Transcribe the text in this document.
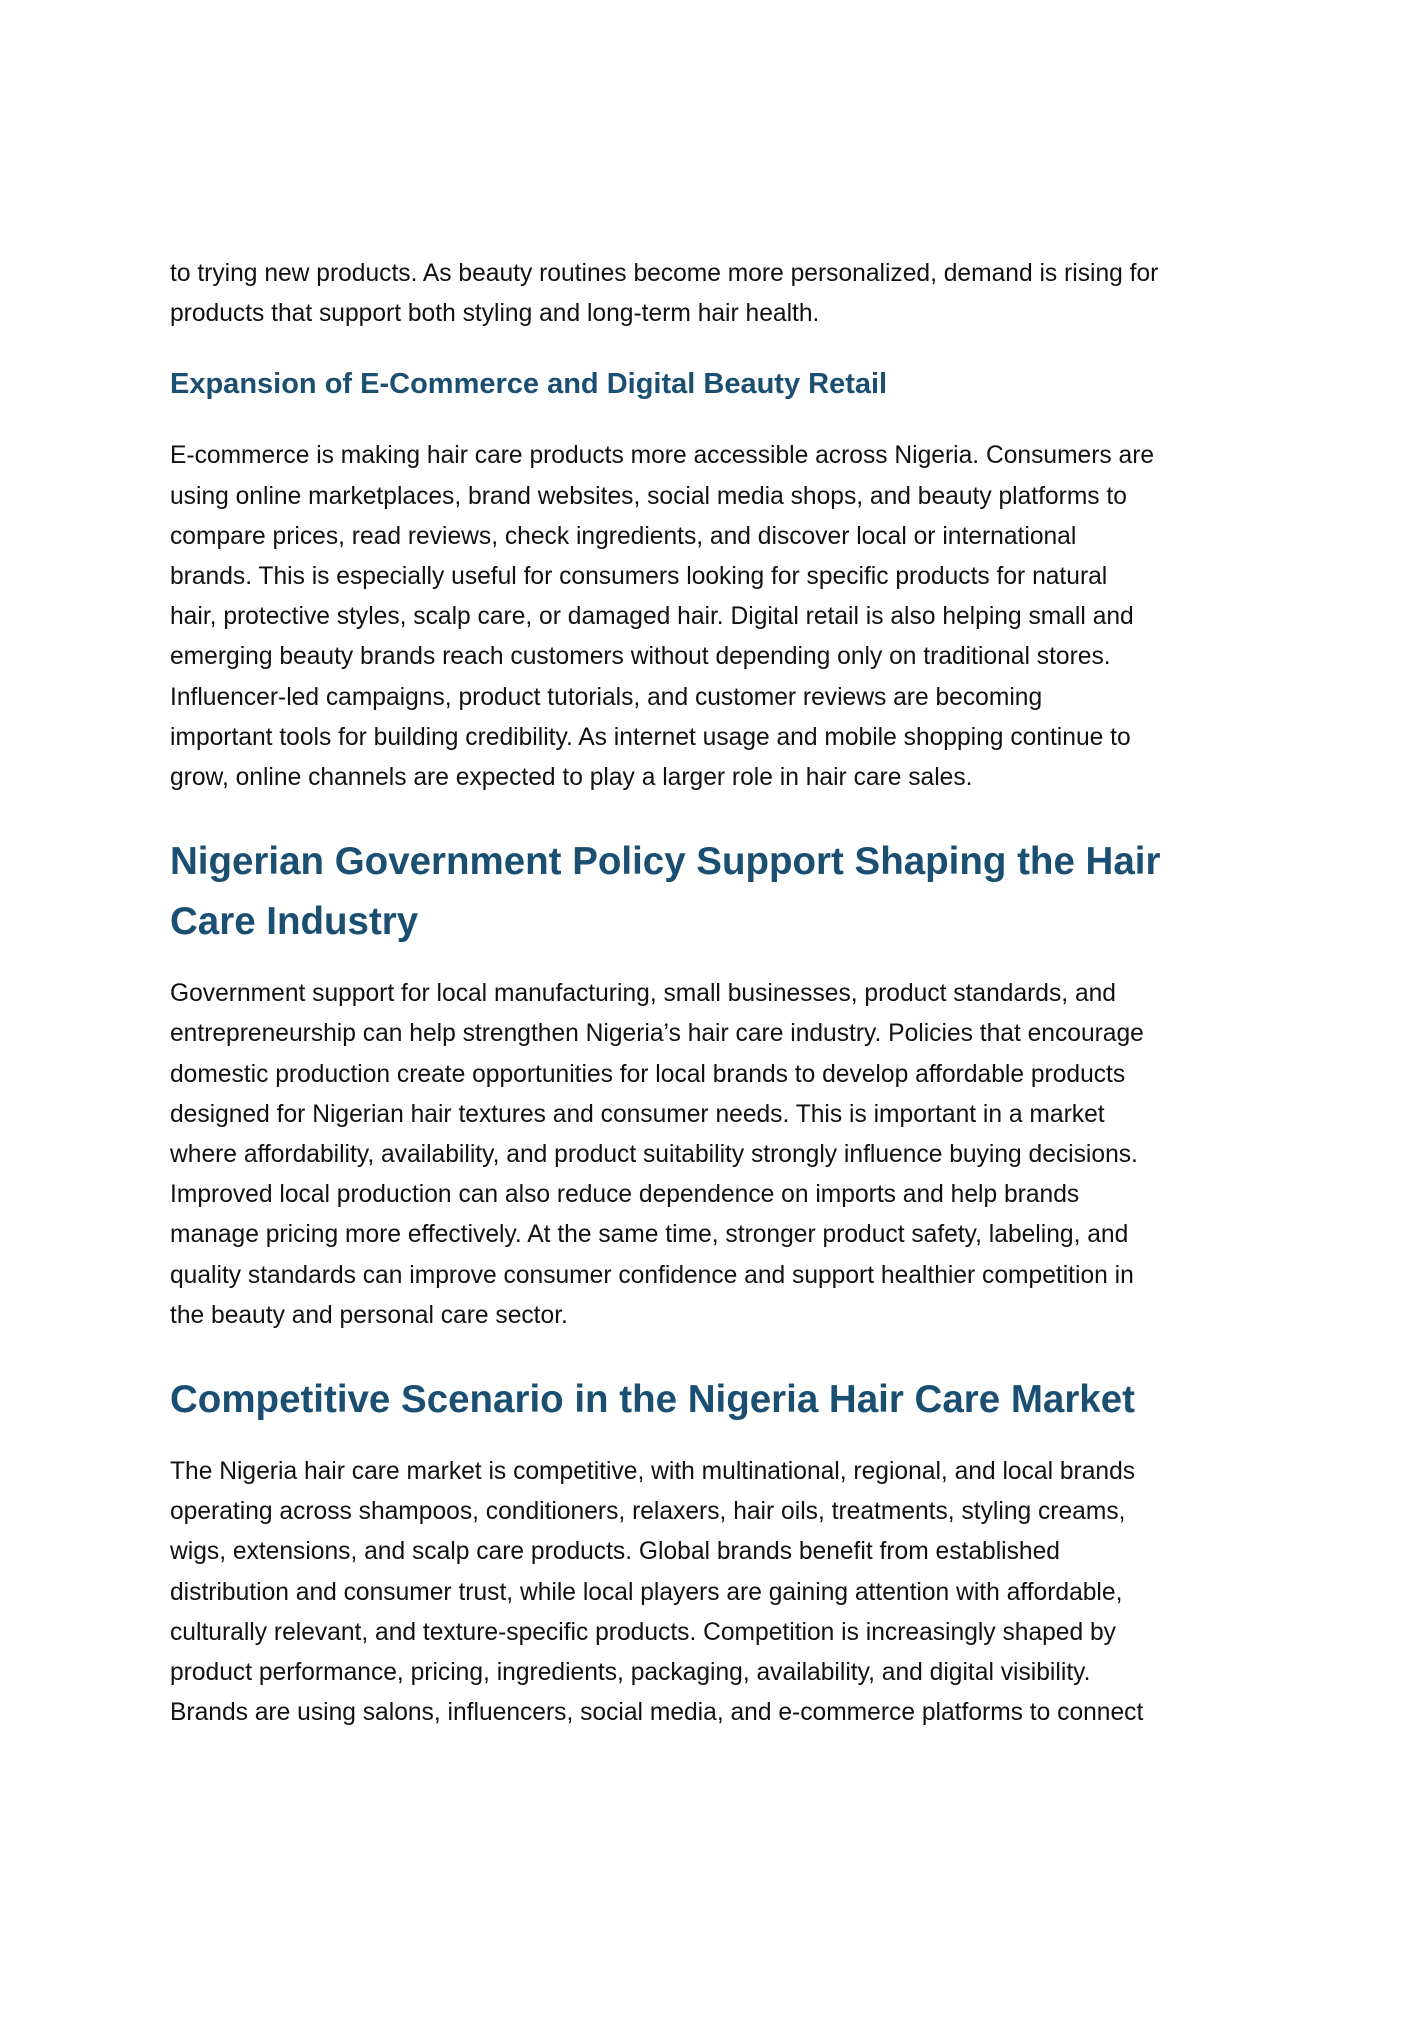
to trying new products. As beauty routines become more personalized, demand is rising for
products that support both styling and long-term hair health.

Expansion of E-Commerce and Digital Beauty Retail

E-commerce is making hair care products more accessible across Nigeria. Consumers are
using online marketplaces, brand websites, social media shops, and beauty platforms to
compare prices, read reviews, check ingredients, and discover local or international
brands. This is especially useful for consumers looking for specific products for natural
hair, protective styles, scalp care, or damaged hair. Digital retail is also helping small and
emerging beauty brands reach customers without depending only on traditional stores.
Influencer-led campaigns, product tutorials, and customer reviews are becoming
important tools for building credibility. As internet usage and mobile shopping continue to
grow, online channels are expected to play a larger role in hair care sales.

Nigerian Government Policy Support Shaping the Hair
Care Industry

Government support for local manufacturing, small businesses, product standards, and
entrepreneurship can help strengthen Nigeria’s hair care industry. Policies that encourage
domestic production create opportunities for local brands to develop affordable products
designed for Nigerian hair textures and consumer needs. This is important in a market
where affordability, availability, and product suitability strongly influence buying decisions.
Improved local production can also reduce dependence on imports and help brands
manage pricing more effectively. At the same time, stronger product safety, labeling, and
quality standards can improve consumer confidence and support healthier competition in
the beauty and personal care sector.

Competitive Scenario in the Nigeria Hair Care Market

The Nigeria hair care market is competitive, with multinational, regional, and local brands
operating across shampoos, conditioners, relaxers, hair oils, treatments, styling creams,
wigs, extensions, and scalp care products. Global brands benefit from established
distribution and consumer trust, while local players are gaining attention with affordable,
culturally relevant, and texture-specific products. Competition is increasingly shaped by
product performance, pricing, ingredients, packaging, availability, and digital visibility.
Brands are using salons, influencers, social media, and e-commerce platforms to connect
